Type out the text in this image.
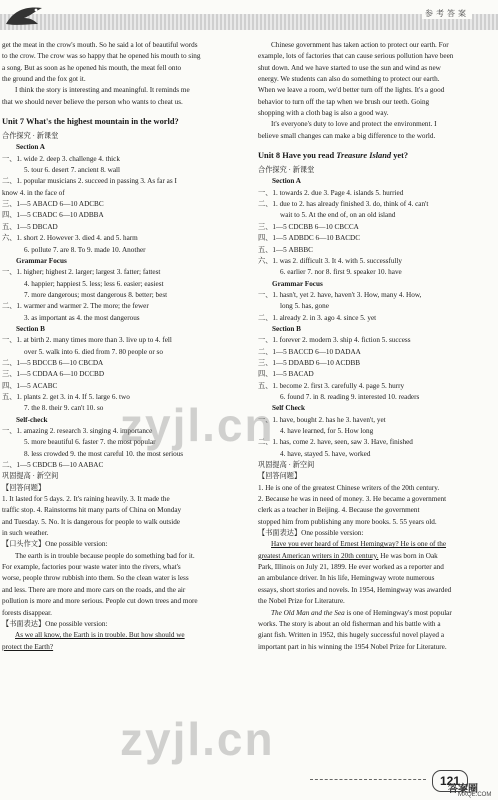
参考答案
get the meat in the crow's mouth. So he said a lot of beautiful words
to the crow. The crow was so happy that he opened his mouth to sing
a song. But as soon as he opened his mouth, the meat fell onto
the ground and the fox got it.
I think the story is interesting and meaningful. It reminds me
that we should never believe the person who wants to cheat us.
Unit 7 What's the highest mountain in the world?
合作探究 · 新课堂
Section A
一、1. wide 2. deep 3. challenge 4. thick
5. tour 6. desert 7. ancient 8. wall
二、1. popular musicians 2. succeed in passing 3. As far as I
know 4. in the face of
三、1—5 ABACD 6—10 ADCBC
四、1—5 CBADC 6—10 ADBBA
五、1—5 DBCAD
六、1. short 2. However 3. died 4. and 5. harm
6. pollute 7. are 8. To 9. made 10. Another
Grammar Focus
一、1. higher; highest 2. larger; largest 3. fatter; fattest
4. happier; happiest 5. less; less 6. easier; easiest
7. more dangerous; most dangerous 8. better; best
二、1. warmer and warmer 2. The more; the fewer
3. as important as 4. the most dangerous
Section B
一、1. at birth 2. many times more than 3. live up to 4. fell
over 5. walk into 6. died from 7. 80 people or so
二、1—5 BDCCB 6—10 CBCDA
三、1—5 CDDAA 6—10 DCCBD
四、1—5 ACABC
五、1. plants 2. get 3. in 4. If 5. large 6. two
7. the 8. their 9. can't 10. so
Self-check
一、1. amazing 2. research 3. singing 4. importance
5. more beautiful 6. faster 7. the most popular
8. less crowded 9. the most careful 10. the most serious
二、1—5 CBDCB 6—10 AABAC
巩固提高 · 新空间
【回答问题】
1. It lasted for 5 days. 2. It's raining heavily. 3. It made the
traffic stop. 4. Rainstorms hit many parts of China on Monday
and Tuesday. 5. No. It is dangerous for people to walk outside
in such weather.
【口头作文】One possible version:
The earth is in trouble because people do something bad for it.
For example, factories pour waste water into the rivers, what's
worse, people throw rubbish into them. So the clean water is less
and less. There are more and more cars on the roads, and the air
pollution is more and more serious. People cut down trees and more
forests disappear.
【书面表达】One possible version:
As we all know, the Earth is in trouble. But how should we
protect the Earth?
Chinese government has taken action to protect our earth. For
example, lots of factories that can cause serious pollution have been
shut down. And we have started to use the sun and wind as new
energy. We students can also do something to protect our earth.
When we leave a room, we'd better turn off the lights. It's a good
behavior to turn off the tap when we brush our teeth. Going
shopping with a cloth bag is also a good way.
It's everyone's duty to love and protect the environment. I
believe small changes can make a big difference to the world.
Unit 8 Have you read Treasure Island yet?
合作探究 · 新课堂
Section A
一、1. towards 2. due 3. Page 4. islands 5. hurried
二、1. due to 2. has already finished 3. do, think of 4. can't
wait to 5. At the end of, on an old island
三、1—5 CDCBB 6—10 CBCCA
四、1—5 ADBDC 6—10 BACDC
五、1—5 ABBBC
六、1. was 2. difficult 3. It 4. with 5. successfully
6. earlier 7. nor 8. first 9. speaker 10. have
Grammar Focus
一、1. hasn't, yet 2. have, haven't 3. How, many 4. How,
long 5. has, gone
二、1. already 2. in 3. ago 4. since 5. yet
Section B
一、1. forever 2. modern 3. ship 4. fiction 5. success
二、1—5 BACCD 6—10 DADAA
三、1—5 DDABD 6—10 ACDBB
四、1—5 BACAD
五、1. become 2. first 3. carefully 4. page 5. hurry
6. found 7. in 8. reading 9. interested 10. readers
Self Check
一、1. have, bought 2. has he 3. haven't, yet
4. have learned, for 5. How long
二、1. has, come 2. have, seen, saw 3. Have, finished
4. have, stayed 5. have, worked
巩固提高 · 新空间
【回答问题】
1. He is one of the greatest Chinese writers of the 20th century.
2. Because he was in need of money. 3. He became a government
clerk as a teacher in Beijing. 4. Because the government
stopped him from publishing any more books. 5. 55 years old.
【书面表达】One possible version:
Have you ever heard of Ernest Hemingway? He is one of the
greatest American writers in 20th century. He was born in Oak
Park, Illinois on July 21, 1899. He ever worked as a reporter and
an ambulance driver. In his life, Hemingway wrote numerous
essays, short stories and novels. In 1954, Hemingway was awarded
the Nobel Prize for Literature.
The Old Man and the Sea is one of Hemingway's most popular
works. The story is about an old fisherman and his battle with a
giant fish. Written in 1952, this hugely successful novel played a
important part in his winning the 1954 Nobel Prize for Literature.
zyjl.cn
zyjl.cn
121
答案圈
MXQE.COM
